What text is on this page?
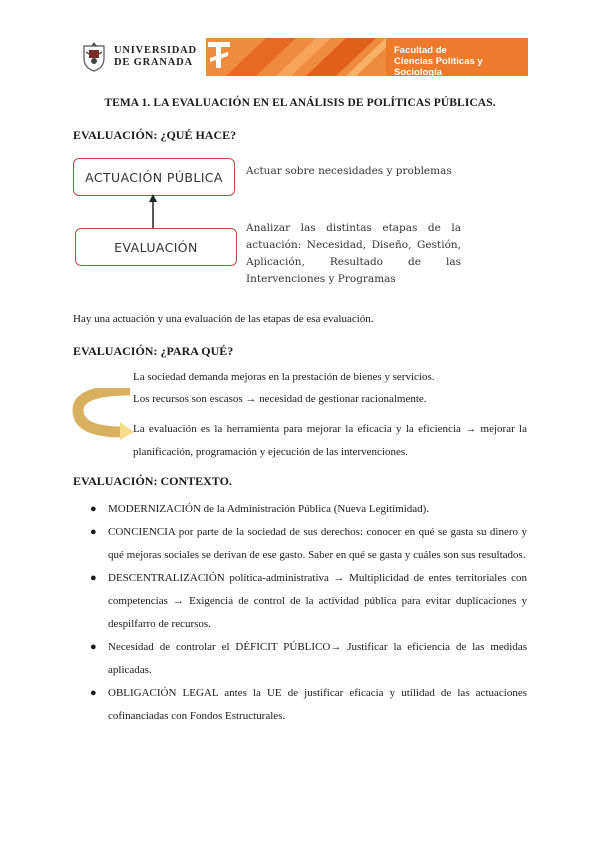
UNIVERSIDAD
DE GRANADA
Facultad de
Ciencias Políticas y Sociología
TEMA 1. LA EVALUACIÓN EN EL ANÁLISIS DE POLÍTICAS PÚBLICAS.
EVALUACIÓN: ¿QUÉ HACE?
ACTUACIÓN PÚBLICA
EVALUACIÓN
Actuar sobre necesidades y problemas
Analizar las distintas etapas de la actuación: Necesidad, Diseño, Gestión, Aplicación, Resultado de las Intervenciones y Programas
Hay una actuación y una evaluación de las etapas de esa evaluación.
EVALUACIÓN: ¿PARA QUÉ?
La sociedad demanda mejoras en la prestación de bienes y servicios.
Los recursos son escasos → necesidad de gestionar racionalmente.
La evaluación es la herramienta para mejorar la eficacia y la eficiencia → mejorar la planificación, programación y ejecución de las intervenciones.
EVALUACIÓN: CONTEXTO.
● MODERNIZACIÓN de la Administración Pública (Nueva Legitimidad).
● CONCIENCIA por parte de la sociedad de sus derechos: conocer en qué se gasta su dinero y qué mejoras sociales se derivan de ese gasto. Saber en qué se gasta y cuáles son sus resultados.
● DESCENTRALIZACIÓN política-administrativa → Multiplicidad de entes territoriales con competencias → Exigencia de control de la actividad pública para evitar duplicaciones y despilfarro de recursos.
● Necesidad de controlar el DÉFICIT PÚBLICO→ Justificar la eficiencia de las medidas aplicadas.
● OBLIGACIÓN LEGAL antes la UE de justificar eficacia y utilidad de las actuaciones cofinanciadas con Fondos Estructurales.
